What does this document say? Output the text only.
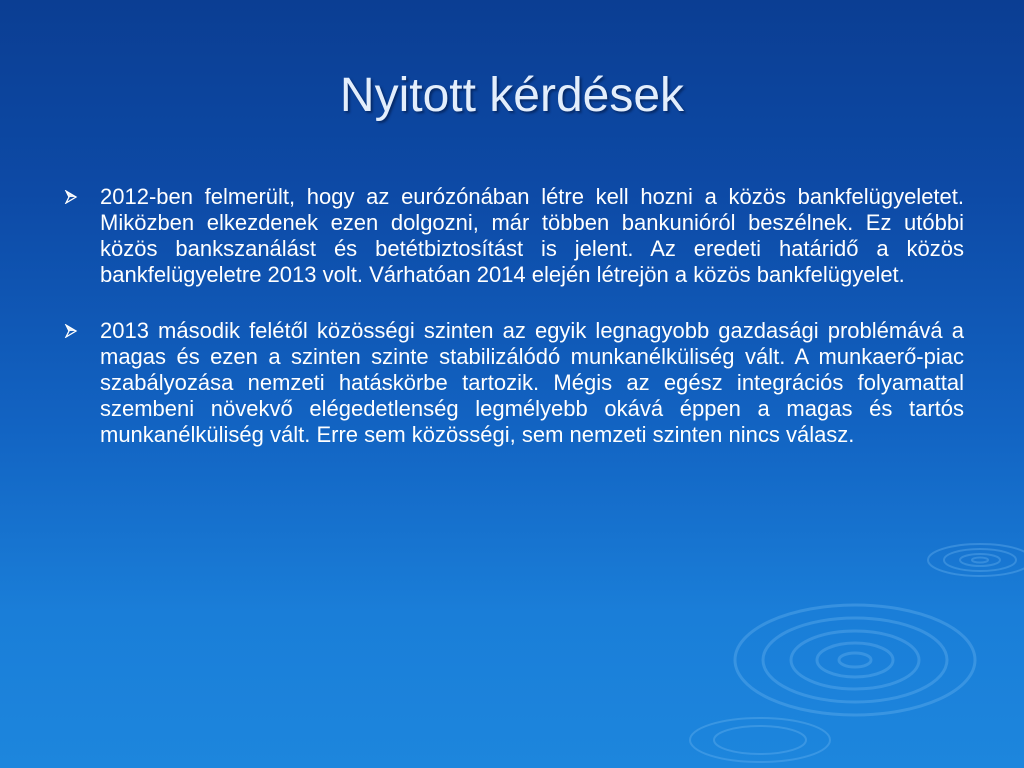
Nyitott kérdések
2012-ben felmerült, hogy az eurózónában létre kell hozni a közös bankfelügyeletet. Miközben elkezdenek ezen dolgozni, már többen bankunióról beszélnek. Ez utóbbi közös bankszanálást és betétbiztosítást is jelent. Az eredeti határidő a közös bankfelügyeletre 2013 volt. Várhatóan 2014 elején létrejön a közös bankfelügyelet.
2013 második felétől közösségi szinten az egyik legnagyobb gazdasági problémává a magas és ezen a szinten szinte stabilizálódó munkanélküliség vált. A munkaerő-piac szabályozása nemzeti hatáskörbe tartozik. Mégis az egész integrációs folyamattal szembeni növekvő elégedetlenség legmélyebb okává éppen a magas és tartós munkanélküliség vált. Erre sem közösségi, sem nemzeti szinten nincs válasz.
